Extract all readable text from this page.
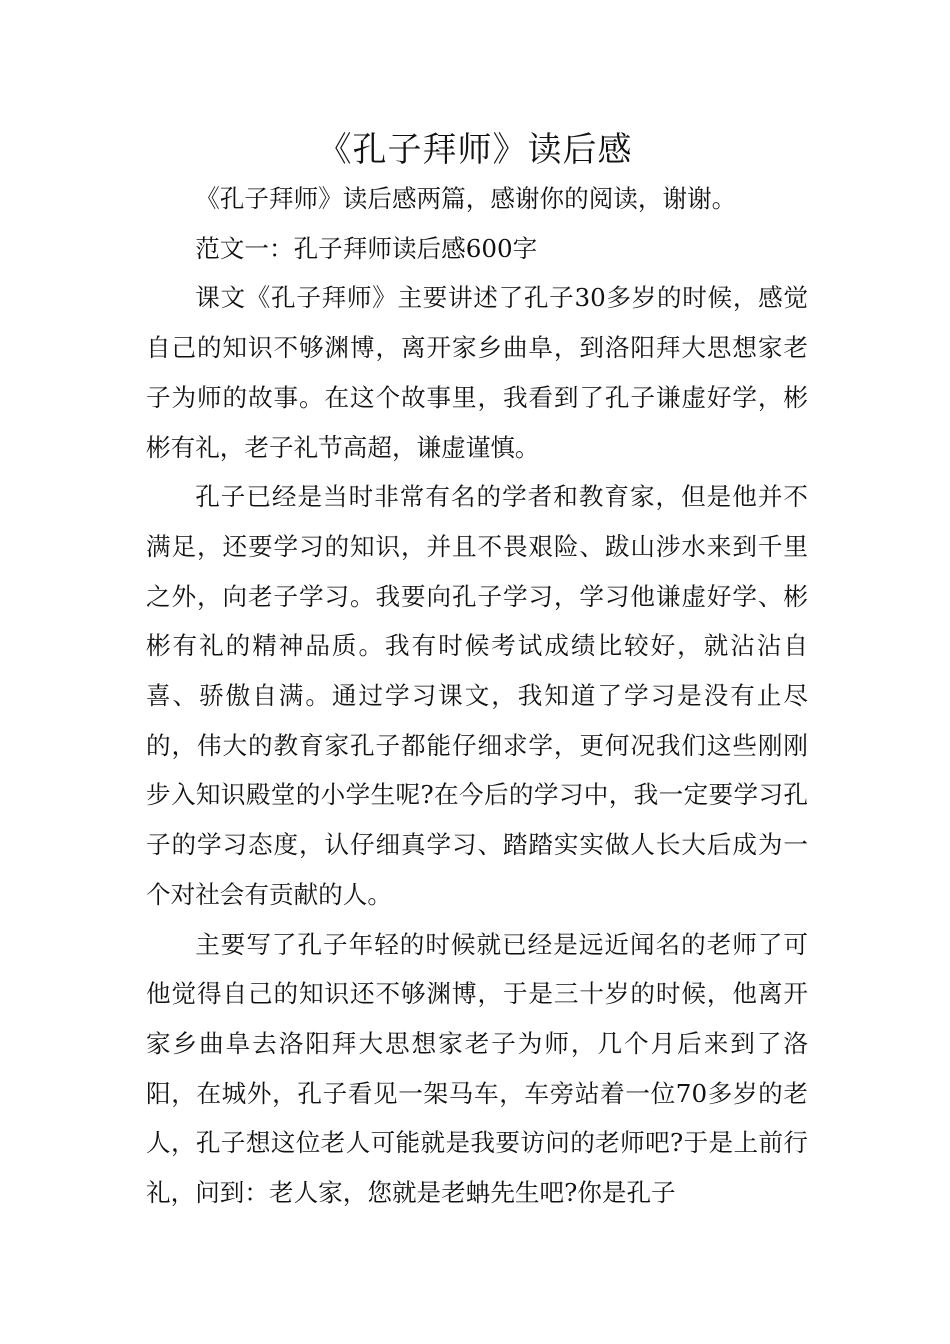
《孔子拜师》读后感

《孔子拜师》读后感两篇，感谢你的阅读，谢谢。

范文一：孔子拜师读后感600字

课文《孔子拜师》主要讲述了孔子30多岁的时候，感觉自己的知识不够渊博，离开家乡曲阜，到洛阳拜大思想家老子为师的故事。在这个故事里，我看到了孔子谦虚好学，彬彬有礼，老子礼节高超，谦虚谨慎。

孔子已经是当时非常有名的学者和教育家，但是他并不满足，还要学习的知识，并且不畏艰险、跋山涉水来到千里之外，向老子学习。我要向孔子学习，学习他谦虚好学、彬彬有礼的精神品质。我有时候考试成绩比较好，就沾沾自喜、骄傲自满。通过学习课文，我知道了学习是没有止尽的，伟大的教育家孔子都能仔细求学，更何况我们这些刚刚步入知识殿堂的小学生呢?在今后的学习中，我一定要学习孔子的学习态度，认仔细真学习、踏踏实实做人长大后成为一个对社会有贡献的人。

主要写了孔子年轻的时候就已经是远近闻名的老师了可他觉得自己的知识还不够渊博，于是三十岁的时候，他离开家乡曲阜去洛阳拜大思想家老子为师，几个月后来到了洛阳，在城外，孔子看见一架马车，车旁站着一位70多岁的老人，孔子想这位老人可能就是我要访问的老师吧?于是上前行礼，问到：老人家，您就是老蚺先生吧?你是孔子
